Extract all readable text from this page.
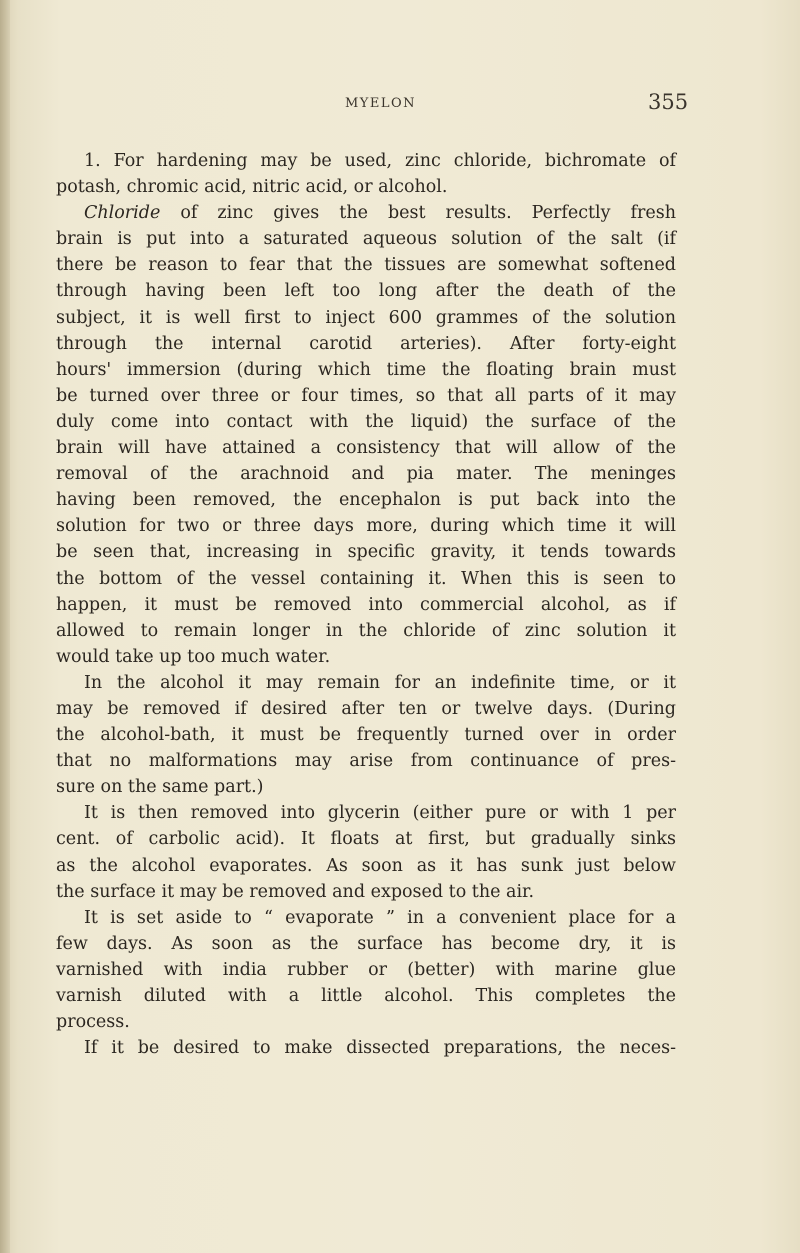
MYELON	355
1. For hardening may be used, zinc chloride, bichromate of
potash, chromic acid, nitric acid, or alcohol.
Chloride of zinc gives the best results. Perfectly fresh
brain is put into a saturated aqueous solution of the salt (if
there be reason to fear that the tissues are somewhat softened
through having been left too long after the death of the
subject, it is well first to inject 600 grammes of the solution
through the internal carotid arteries). After forty-eight
hours' immersion (during which time the floating brain must
be turned over three or four times, so that all parts of it may
duly come into contact with the liquid) the surface of the
brain will have attained a consistency that will allow of the
removal of the arachnoid and pia mater. The meninges
having been removed, the encephalon is put back into the
solution for two or three days more, during which time it will
be seen that, increasing in specific gravity, it tends towards
the bottom of the vessel containing it. When this is seen to
happen, it must be removed into commercial alcohol, as if
allowed to remain longer in the chloride of zinc solution it
would take up too much water.
In the alcohol it may remain for an indefinite time, or it
may be removed if desired after ten or twelve days. (During
the alcohol-bath, it must be frequently turned over in order
that no malformations may arise from continuance of pres-
sure on the same part.)
It is then removed into glycerin (either pure or with 1 per
cent. of carbolic acid). It floats at first, but gradually sinks
as the alcohol evaporates. As soon as it has sunk just below
the surface it may be removed and exposed to the air.
It is set aside to “ evaporate ” in a convenient place for a
few days. As soon as the surface has become dry, it is
varnished with india rubber or (better) with marine glue
varnish diluted with a little alcohol. This completes the
process.
If it be desired to make dissected preparations, the neces-
